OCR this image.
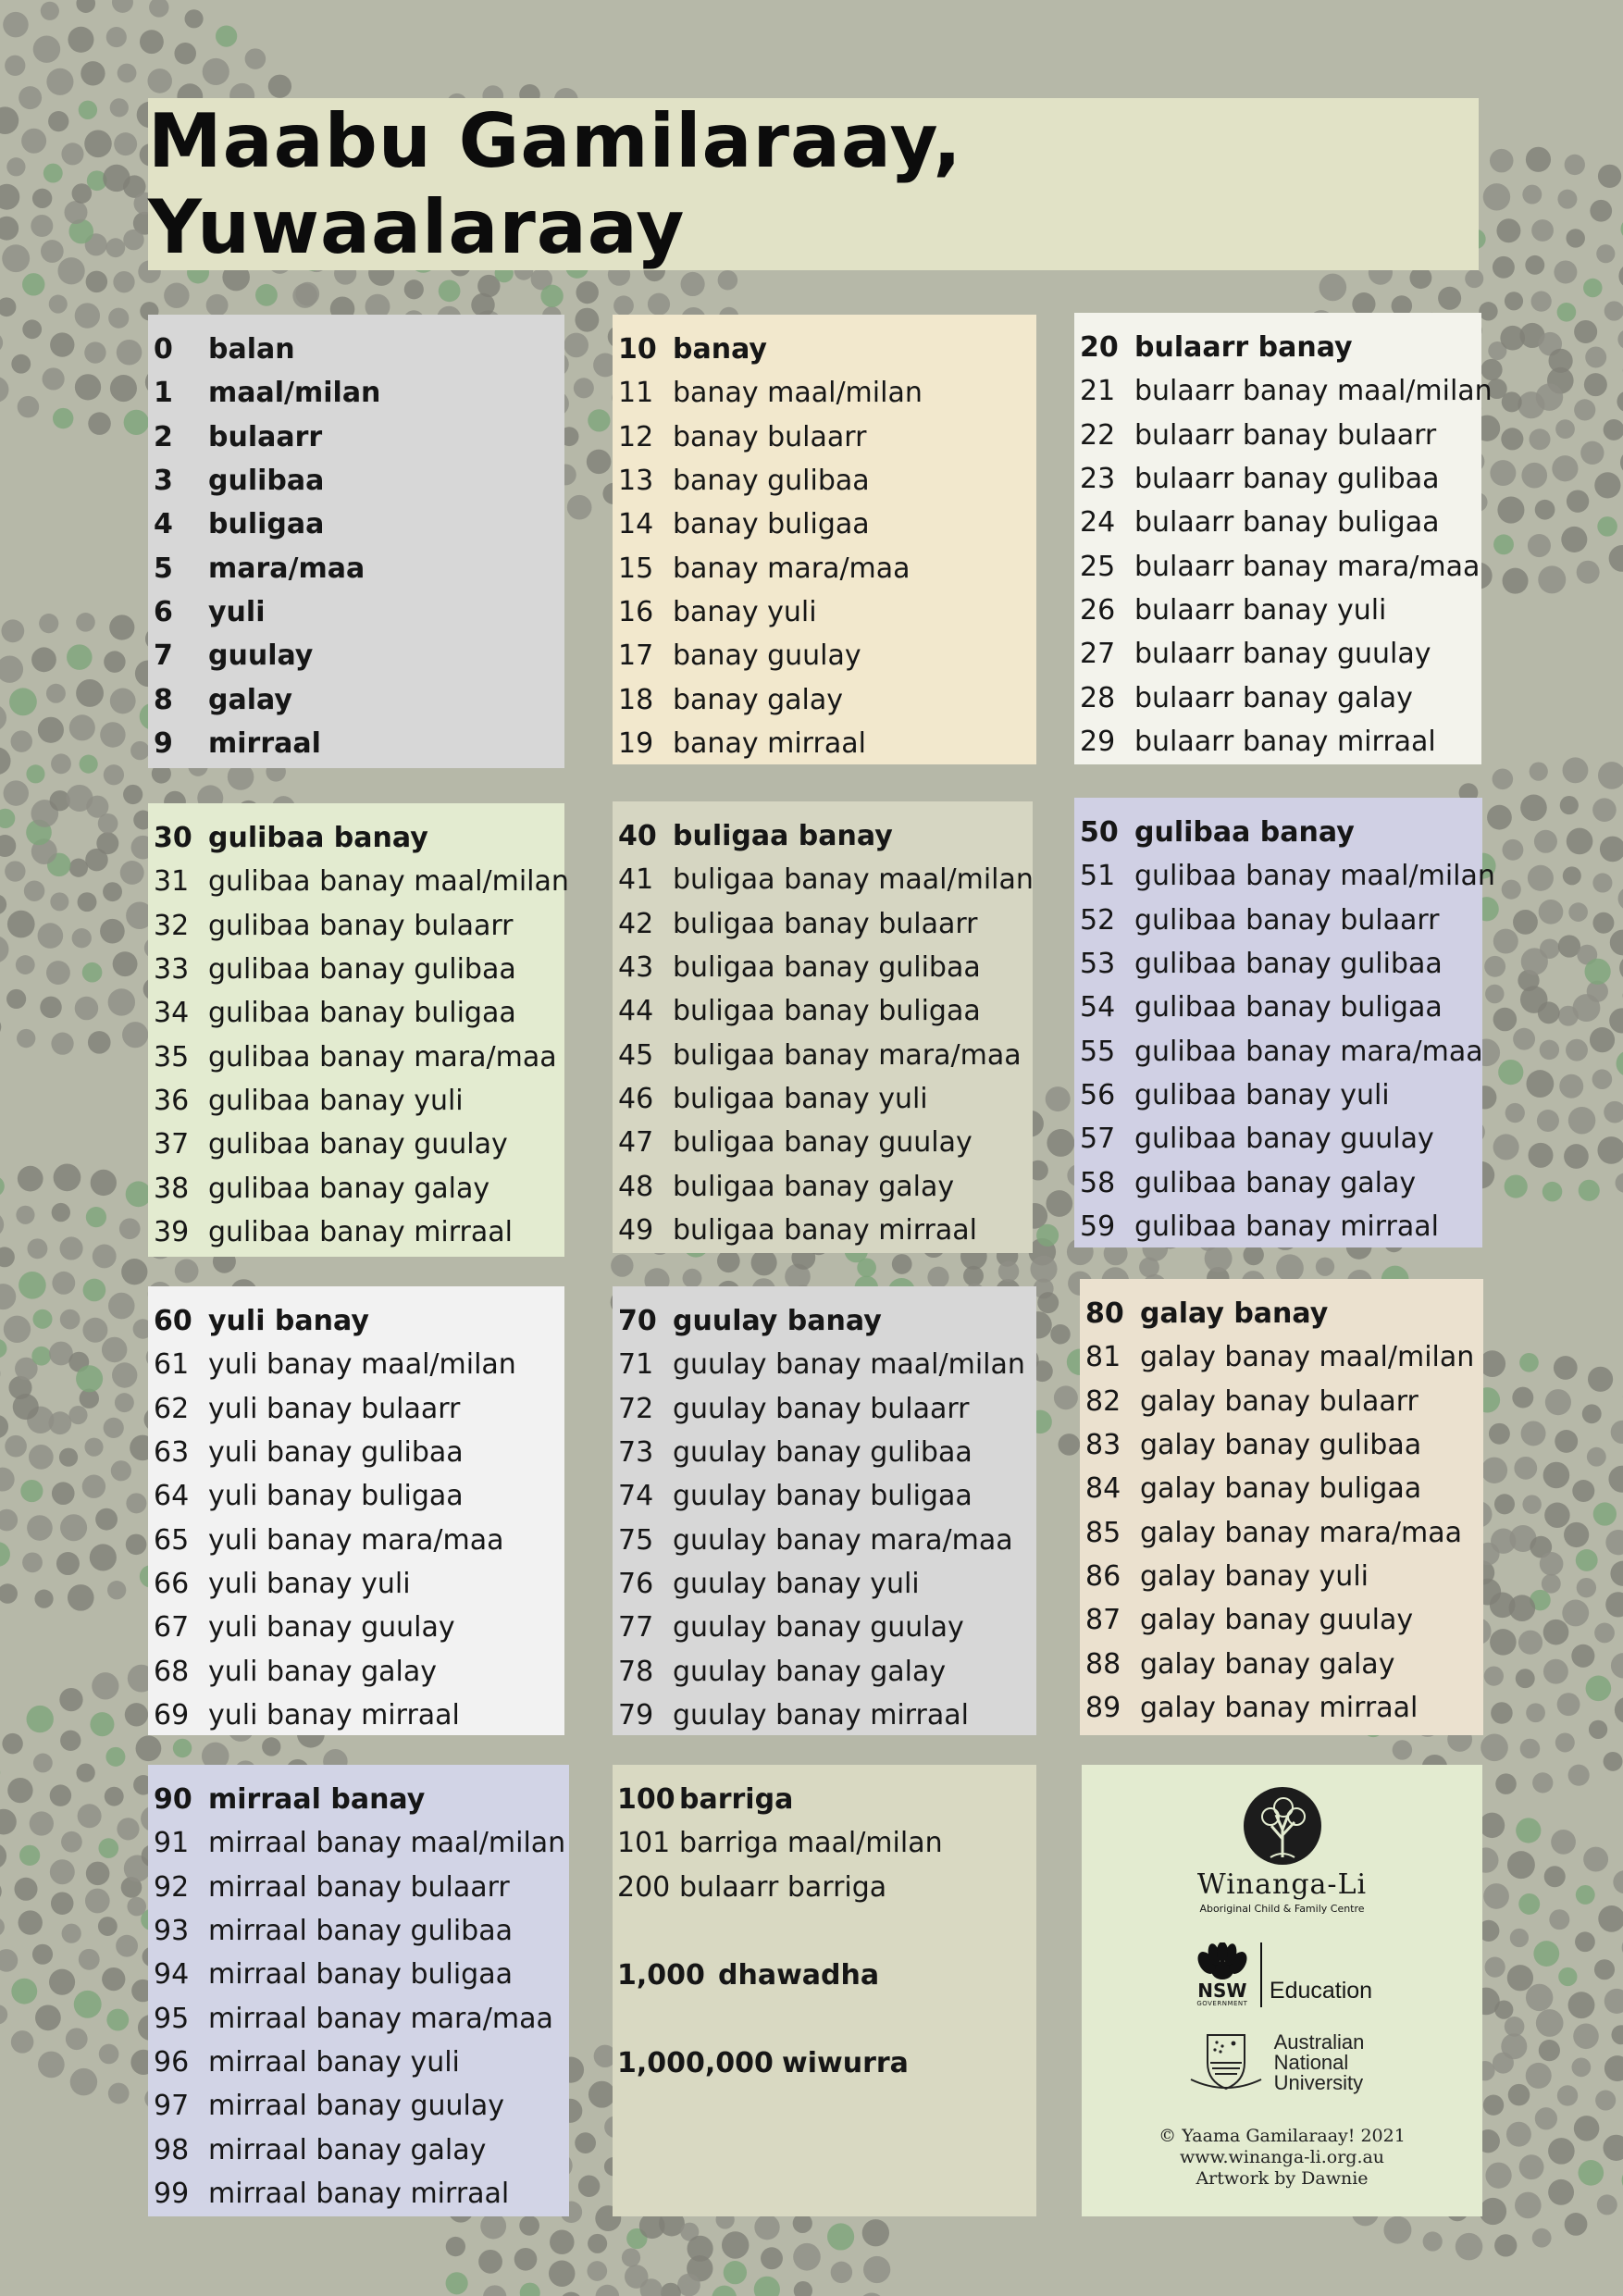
Maabu Gamilaraay, Yuwaalaraay
0	balan
1	maal/milan
2	bulaarr
3	gulibaa
4	buligaa
5	mara/maa
6	yuli
7	guulay
8	galay
9	mirraal
10 banay
11 banay maal/milan
12 banay bulaarr
13 banay gulibaa
14 banay buligaa
15 banay mara/maa
16 banay yuli
17 banay guulay
18 banay galay
19 banay mirraal
20 bulaarr banay
21 bulaarr banay maal/milan
22 bulaarr banay bulaarr
23 bulaarr banay gulibaa
24 bulaarr banay buligaa
25 bulaarr banay mara/maa
26 bulaarr banay yuli
27 bulaarr banay guulay
28 bulaarr banay galay
29 bulaarr banay mirraal
30 gulibaa banay
31 gulibaa banay maal/milan
32 gulibaa banay bulaarr
33 gulibaa banay gulibaa
34 gulibaa banay buligaa
35 gulibaa banay mara/maa
36 gulibaa banay yuli
37 gulibaa banay guulay
38 gulibaa banay galay
39 gulibaa banay mirraal
40 buligaa banay
41 buligaa banay maal/milan
42 buligaa banay bulaarr
43 buligaa banay gulibaa
44 buligaa banay buligaa
45 buligaa banay mara/maa
46 buligaa banay yuli
47 buligaa banay guulay
48 buligaa banay galay
49 buligaa banay mirraal
50 gulibaa banay
51 gulibaa banay maal/milan
52 gulibaa banay bulaarr
53 gulibaa banay gulibaa
54 gulibaa banay buligaa
55 gulibaa banay mara/maa
56 gulibaa banay yuli
57 gulibaa banay guulay
58 gulibaa banay galay
59 gulibaa banay mirraal
60 yuli banay
61 yuli banay maal/milan
62 yuli banay bulaarr
63 yuli banay gulibaa
64 yuli banay buligaa
65 yuli banay mara/maa
66 yuli banay yuli
67 yuli banay guulay
68 yuli banay galay
69 yuli banay mirraal
70 guulay banay
71 guulay banay maal/milan
72 guulay banay bulaarr
73 guulay banay gulibaa
74 guulay banay buligaa
75 guulay banay mara/maa
76 guulay banay yuli
77 guulay banay guulay
78 guulay banay galay
79 guulay banay mirraal
80 galay banay
81 galay banay maal/milan
82 galay banay bulaarr
83 galay banay gulibaa
84 galay banay buligaa
85 galay banay mara/maa
86 galay banay yuli
87 galay banay guulay
88 galay banay galay
89 galay banay mirraal
90 mirraal banay
91 mirraal banay maal/milan
92 mirraal banay bulaarr
93 mirraal banay gulibaa
94 mirraal banay buligaa
95 mirraal banay mara/maa
96 mirraal banay yuli
97 mirraal banay guulay
98 mirraal banay galay
99 mirraal banay mirraal
100 barriga
101 barriga maal/milan
200 bulaarr barriga
1,000 dhawadha
1,000,000 wiwurra
Winanga-Li
Aboriginal Child & Family Centre
NSW
GOVERNMENT
Education
Australian
National
University
© Yaama Gamilaraay! 2021
www.winanga-li.org.au
Artwork by Dawnie
